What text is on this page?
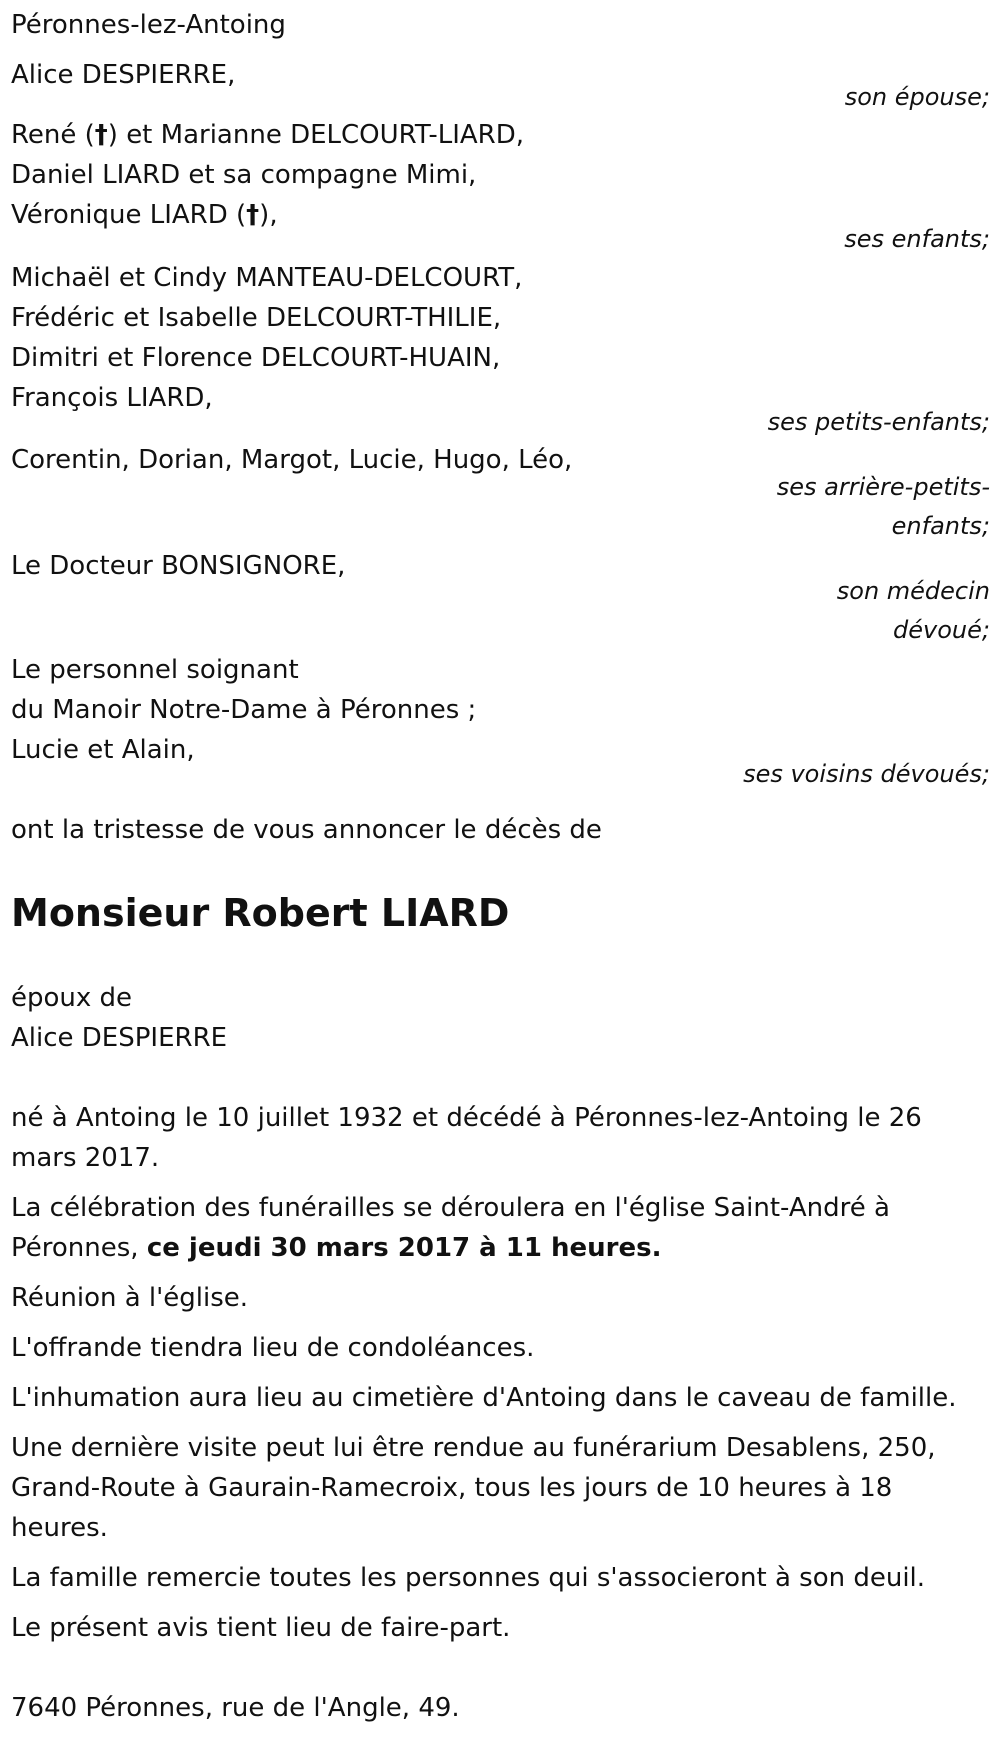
Péronnes-lez-Antoing
Alice DESPIERRE,
son épouse;
René (†) et Marianne DELCOURT-LIARD,
Daniel LIARD et sa compagne Mimi,
Véronique LIARD (†),
ses enfants;
Michaël et Cindy MANTEAU-DELCOURT,
Frédéric et Isabelle DELCOURT-THILIE,
Dimitri et Florence DELCOURT-HUAIN,
François LIARD,
ses petits-enfants;
Corentin, Dorian, Margot, Lucie, Hugo, Léo,
ses arrière-petits-
enfants;
Le Docteur BONSIGNORE,
son médecin
dévoué;
Le personnel soignant
du Manoir Notre-Dame à Péronnes ;
Lucie et Alain,
ses voisins dévoués;
ont la tristesse de vous annoncer le décès de
Monsieur Robert LIARD
époux de
Alice DESPIERRE
né à Antoing le 10 juillet 1932 et décédé à Péronnes-lez-Antoing le 26
mars 2017.
La célébration des funérailles se déroulera en l'église Saint-André à
Péronnes, ce jeudi 30 mars 2017 à 11 heures.
Réunion à l'église.
L'offrande tiendra lieu de condoléances.
L'inhumation aura lieu au cimetière d'Antoing dans le caveau de famille.
Une dernière visite peut lui être rendue au funérarium Desablens, 250,
Grand-Route à Gaurain-Ramecroix, tous les jours de 10 heures à 18
heures.
La famille remercie toutes les personnes qui s'associeront à son deuil.
Le présent avis tient lieu de faire-part.
7640 Péronnes, rue de l'Angle, 49.
